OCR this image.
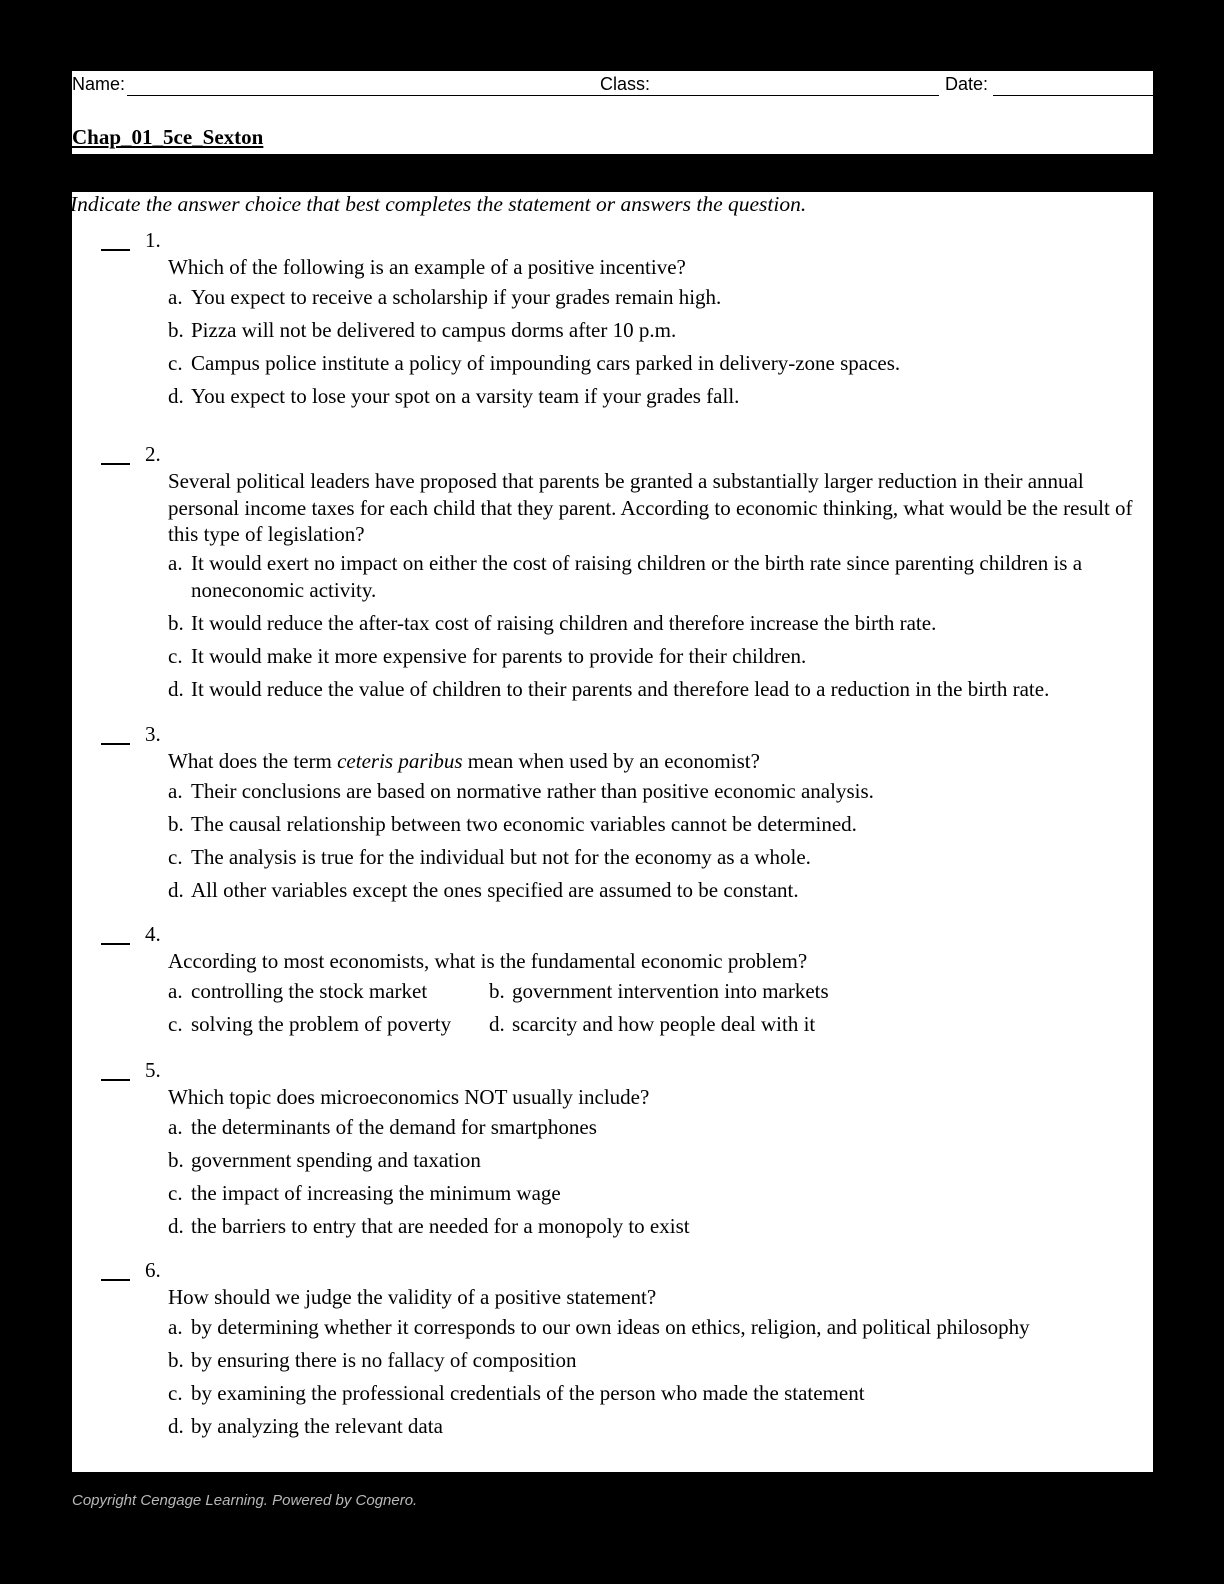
Name:	Class:	Date:
Chap_01_5ce_Sexton
Indicate the answer choice that best completes the statement or answers the question.
1.
Which of the following is an example of a positive incentive?
a. You expect to receive a scholarship if your grades remain high.
b. Pizza will not be delivered to campus dorms after 10 p.m.
c. Campus police institute a policy of impounding cars parked in delivery-zone spaces.
d. You expect to lose your spot on a varsity team if your grades fall.
2.
Several political leaders have proposed that parents be granted a substantially larger reduction in their annual personal income taxes for each child that they parent. According to economic thinking, what would be the result of this type of legislation?
a. It would exert no impact on either the cost of raising children or the birth rate since parenting children is a noneconomic activity.
b. It would reduce the after-tax cost of raising children and therefore increase the birth rate.
c. It would make it more expensive for parents to provide for their children.
d. It would reduce the value of children to their parents and therefore lead to a reduction in the birth rate.
3.
What does the term ceteris paribus mean when used by an economist?
a. Their conclusions are based on normative rather than positive economic analysis.
b. The causal relationship between two economic variables cannot be determined.
c. The analysis is true for the individual but not for the economy as a whole.
d. All other variables except the ones specified are assumed to be constant.
4.
According to most economists, what is the fundamental economic problem?
a. controlling the stock market	b. government intervention into markets
c. solving the problem of poverty d. scarcity and how people deal with it
5.
Which topic does microeconomics NOT usually include?
a. the determinants of the demand for smartphones
b. government spending and taxation
c. the impact of increasing the minimum wage
d. the barriers to entry that are needed for a monopoly to exist
6.
How should we judge the validity of a positive statement?
a. by determining whether it corresponds to our own ideas on ethics, religion, and political philosophy
b. by ensuring there is no fallacy of composition
c. by examining the professional credentials of the person who made the statement
d. by analyzing the relevant data
Copyright Cengage Learning. Powered by Cognero.
